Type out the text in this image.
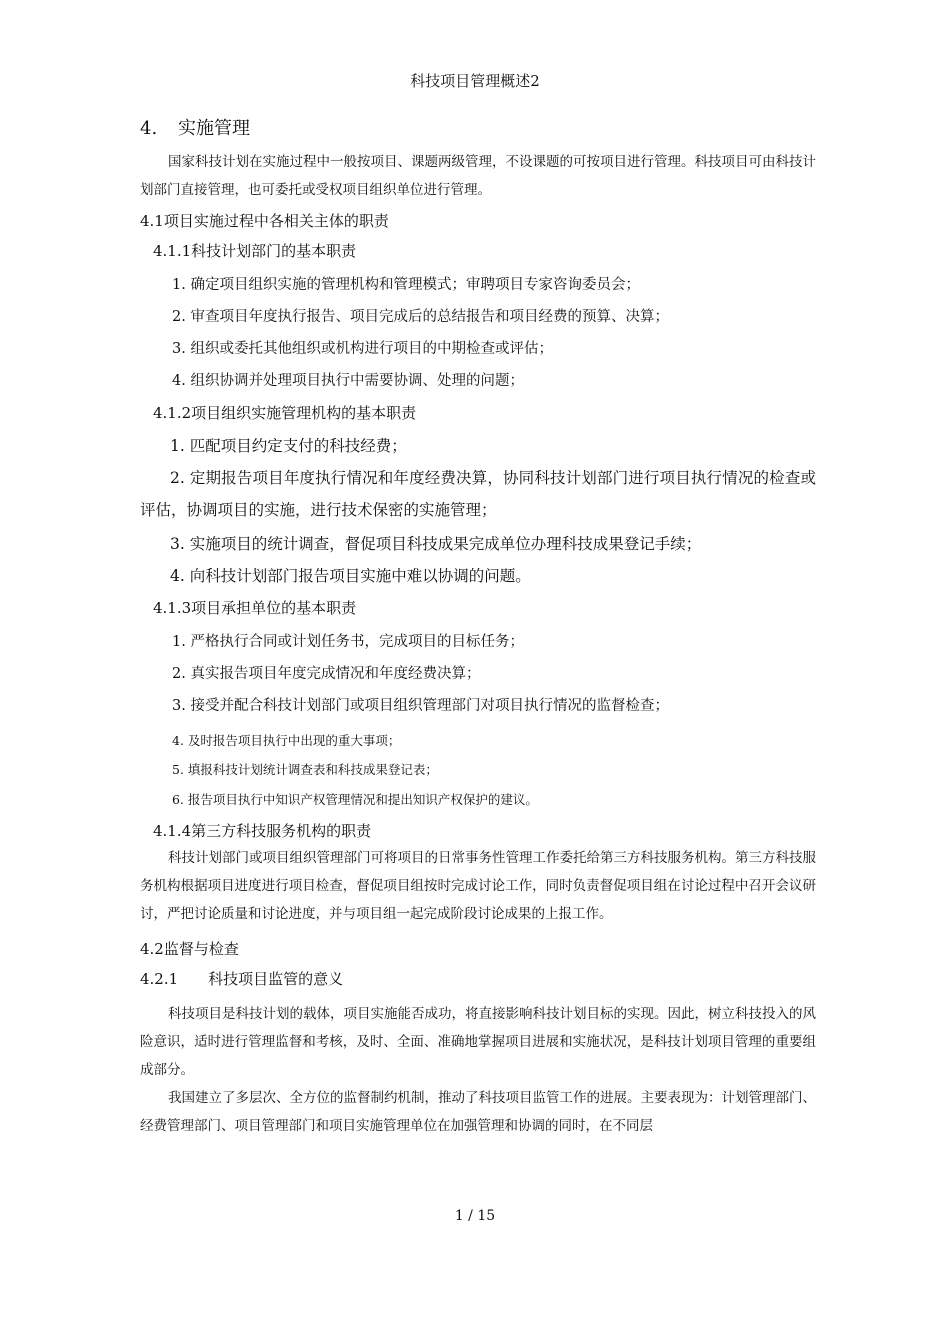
科技项目管理概述2
4. 实施管理
国家科技计划在实施过程中一般按项目、课题两级管理，不设课题的可按项目进行管理。科技项目可由科技计划部门直接管理，也可委托或受权项目组织单位进行管理。
4.1项目实施过程中各相关主体的职责
4.1.1科技计划部门的基本职责
1. 确定项目组织实施的管理机构和管理模式；审聘项目专家咨询委员会；
2. 审查项目年度执行报告、项目完成后的总结报告和项目经费的预算、决算；
3. 组织或委托其他组织或机构进行项目的中期检查或评估；
4. 组织协调并处理项目执行中需要协调、处理的问题；
4.1.2项目组织实施管理机构的基本职责
1. 匹配项目约定支付的科技经费；
2. 定期报告项目年度执行情况和年度经费决算，协同科技计划部门进行项目执行情况的检查或评估，协调项目的实施，进行技术保密的实施管理；
3. 实施项目的统计调查，督促项目科技成果完成单位办理科技成果登记手续；
4. 向科技计划部门报告项目实施中难以协调的问题。
4.1.3项目承担单位的基本职责
1. 严格执行合同或计划任务书，完成项目的目标任务；
2. 真实报告项目年度完成情况和年度经费决算；
3. 接受并配合科技计划部门或项目组织管理部门对项目执行情况的监督检查；
4. 及时报告项目执行中出现的重大事项；
5. 填报科技计划统计调查表和科技成果登记表；
6. 报告项目执行中知识产权管理情况和提出知识产权保护的建议。
4.1.4第三方科技服务机构的职责
科技计划部门或项目组织管理部门可将项目的日常事务性管理工作委托给第三方科技服务机构。第三方科技服务机构根据项目进度进行项目检查，督促项目组按时完成讨论工作，同时负责督促项目组在讨论过程中召开会议研讨，严把讨论质量和讨论进度，并与项目组一起完成阶段讨论成果的上报工作。
4.2监督与检查
4.2.1 科技项目监管的意义
科技项目是科技计划的载体，项目实施能否成功，将直接影响科技计划目标的实现。因此，树立科技投入的风险意识，适时进行管理监督和考核，及时、全面、准确地掌握项目进展和实施状况，是科技计划项目管理的重要组成部分。
我国建立了多层次、全方位的监督制约机制，推动了科技项目监管工作的进展。主要表现为：计划管理部门、经费管理部门、项目管理部门和项目实施管理单位在加强管理和协调的同时，在不同层
1 / 15
